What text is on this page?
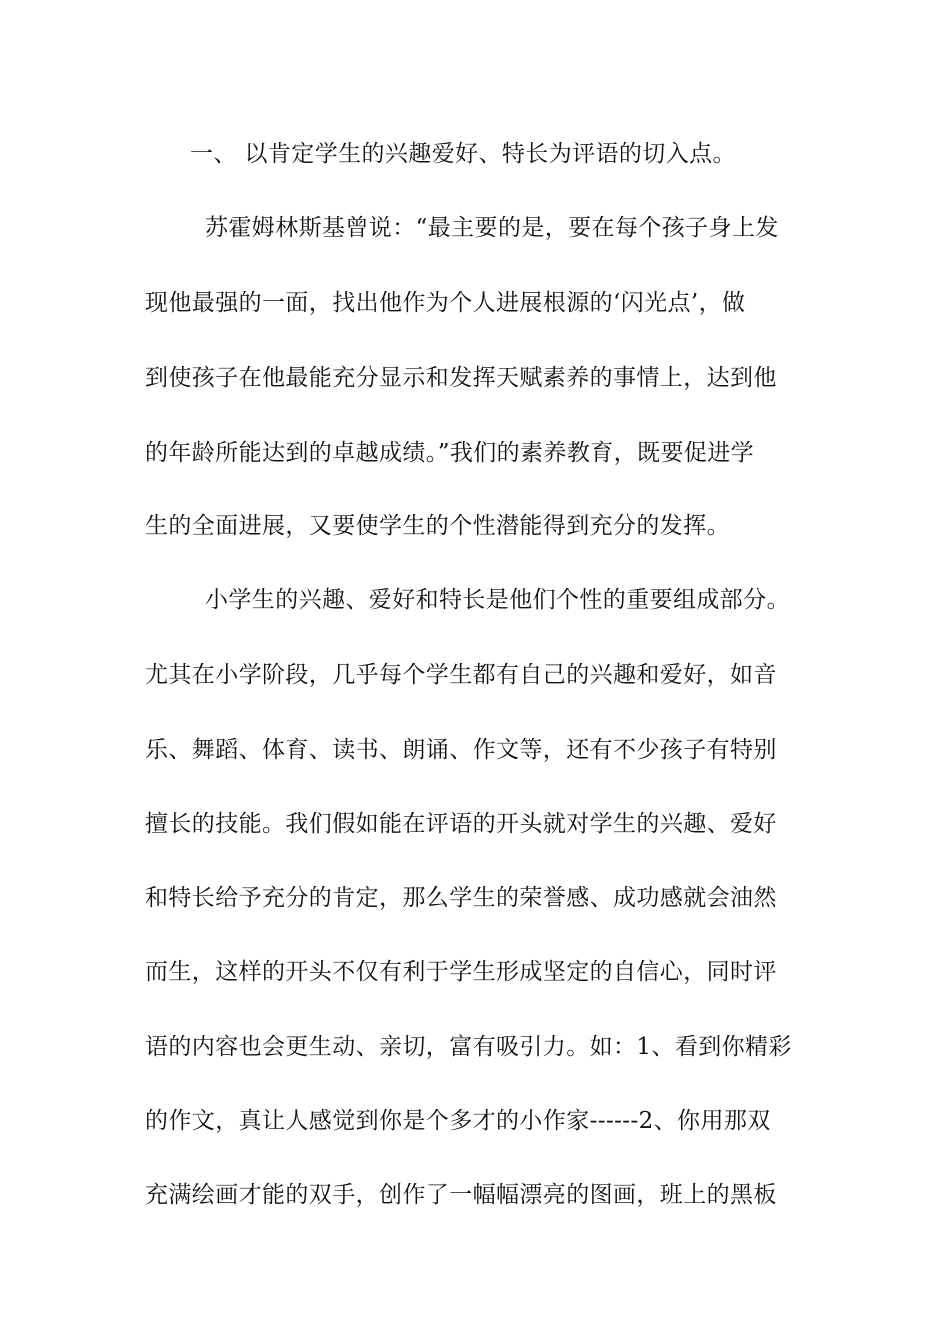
一、 以肯定学生的兴趣爱好、特长为评语的切入点。
苏霍姆林斯基曾说：“最主要的是，要在每个孩子身上发
现他最强的一面，找出他作为个人进展根源的‘闪光点’，做
到使孩子在他最能充分显示和发挥天赋素养的事情上，达到他
的年龄所能达到的卓越成绩。”我们的素养教育，既要促进学
生的全面进展，又要使学生的个性潜能得到充分的发挥。
小学生的兴趣、爱好和特长是他们个性的重要组成部分。
尤其在小学阶段，几乎每个学生都有自己的兴趣和爱好，如音
乐、舞蹈、体育、读书、朗诵、作文等，还有不少孩子有特别
擅长的技能。我们假如能在评语的开头就对学生的兴趣、爱好
和特长给予充分的肯定，那么学生的荣誉感、成功感就会油然
而生，这样的开头不仅有利于学生形成坚定的自信心，同时评
语的内容也会更生动、亲切，富有吸引力。如：1、看到你精彩
的作文，真让人感觉到你是个多才的小作家------2、你用那双
充满绘画才能的双手，创作了一幅幅漂亮的图画，班上的黑板
